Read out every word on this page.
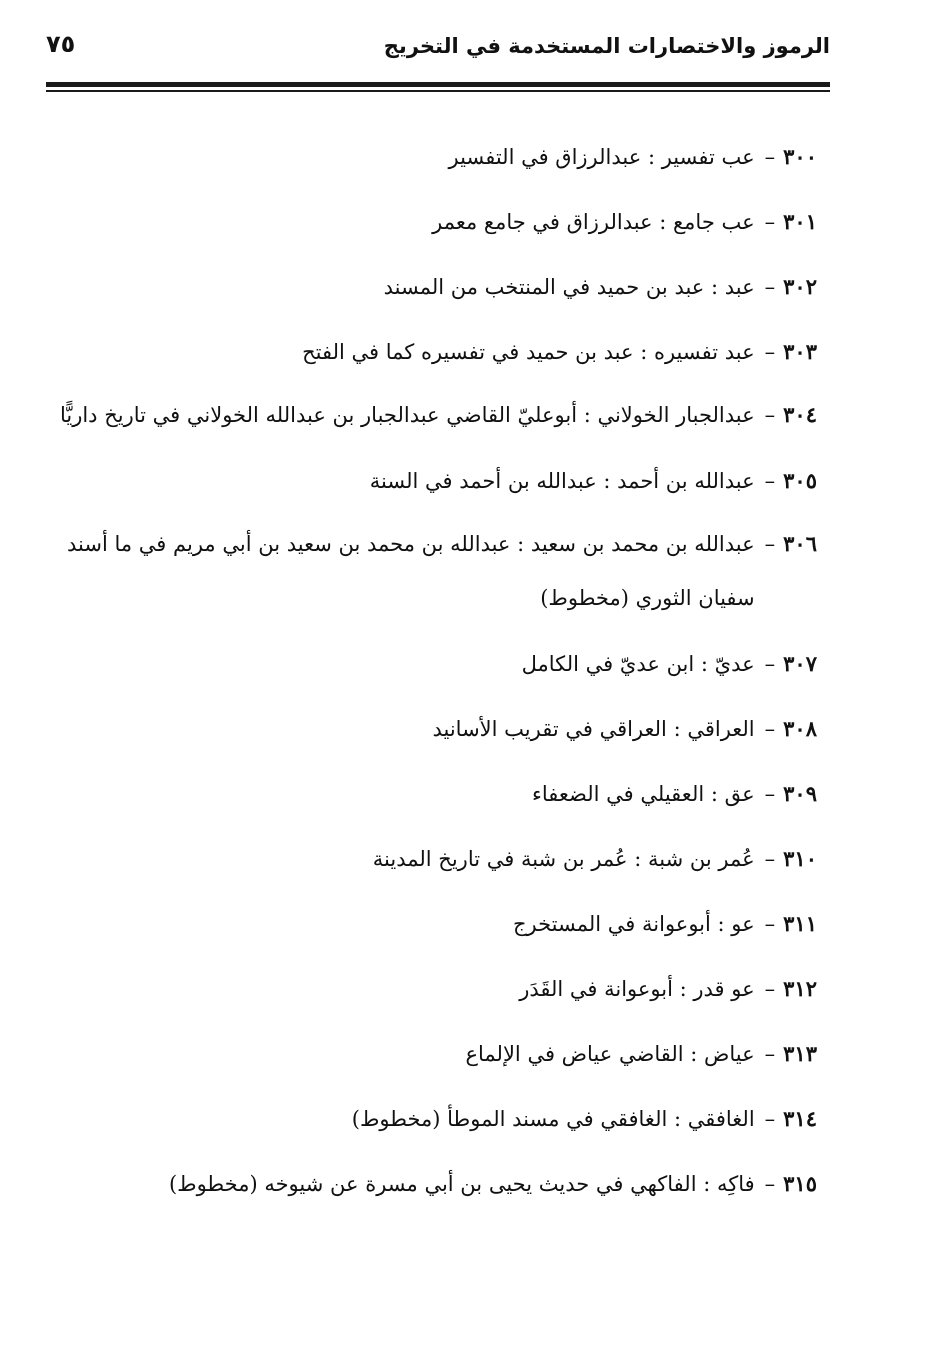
الرموز والاختصارات المستخدمة في التخريج
٧٥
٣٠٠
–
عب تفسير : عبدالرزاق في التفسير
٣٠١
–
عب جامع : عبدالرزاق في جامع معمر
٣٠٢
–
عبد : عبد بن حميد في المنتخب من المسند
٣٠٣
–
عبد تفسيره : عبد بن حميد في تفسيره كما في الفتح
٣٠٤
–
عبدالجبار الخولاني : أبوعليّ القاضي عبدالجبار بن عبدالله الخولاني في تاريخ داريًّا
٣٠٥
–
عبدالله بن أحمد : عبدالله بن أحمد في السنة
٣٠٦
–
عبدالله بن محمد بن سعيد : عبدالله بن محمد بن سعيد بن أبي مريم في ما أسند سفيان الثوري (مخطوط)
٣٠٧
–
عديّ : ابن عديّ في الكامل
٣٠٨
–
العراقي : العراقي في تقريب الأسانيد
٣٠٩
–
عق : العقيلي في الضعفاء
٣١٠
–
عُمر بن شبة : عُمر بن شبة في تاريخ المدينة
٣١١
–
عو : أبوعوانة في المستخرج
٣١٢
–
عو قدر : أبوعوانة في القَدَر
٣١٣
–
عياض : القاضي عياض في الإلماع
٣١٤
–
الغافقي : الغافقي في مسند الموطأ (مخطوط)
٣١٥
–
فاكِه : الفاكهي في حديث يحيى بن أبي مسرة عن شيوخه (مخطوط)
